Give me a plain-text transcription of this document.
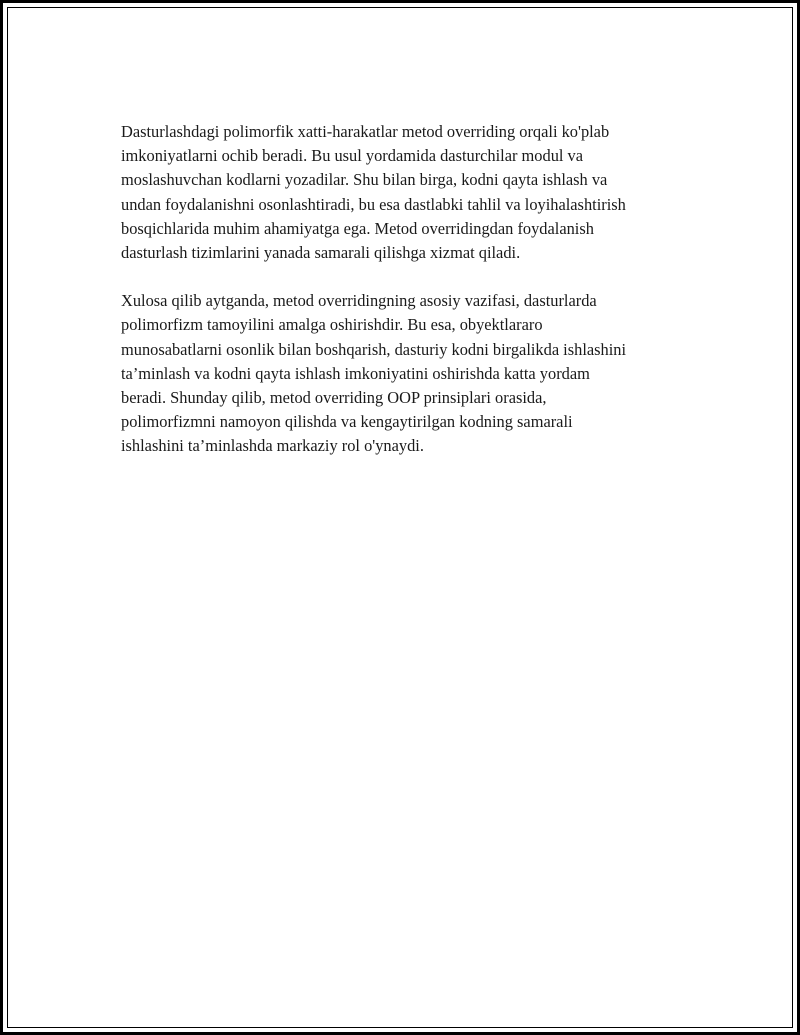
Dasturlashdagi polimorfik xatti-harakatlar metod overriding orqali ko'plab
imkoniyatlarni ochib beradi. Bu usul yordamida dasturchilar modul va
moslashuvchan kodlarni yozadilar. Shu bilan birga, kodni qayta ishlash va
undan foydalanishni osonlashtiradi, bu esa dastlabki tahlil va loyihalashtirish
bosqichlarida muhim ahamiyatga ega. Metod overridingdan foydalanish
dasturlash tizimlarini yanada samarali qilishga xizmat qiladi.

Xulosa qilib aytganda, metod overridingning asosiy vazifasi, dasturlarda
polimorfizm tamoyilini amalga oshirishdir. Bu esa, obyektlararo
munosabatlarni osonlik bilan boshqarish, dasturiy kodni birgalikda ishlashini
ta’minlash va kodni qayta ishlash imkoniyatini oshirishda katta yordam
beradi. Shunday qilib, metod overriding OOP prinsiplari orasida,
polimorfizmni namoyon qilishda va kengaytirilgan kodning samarali
ishlashini ta’minlashda markaziy rol o'ynaydi.
